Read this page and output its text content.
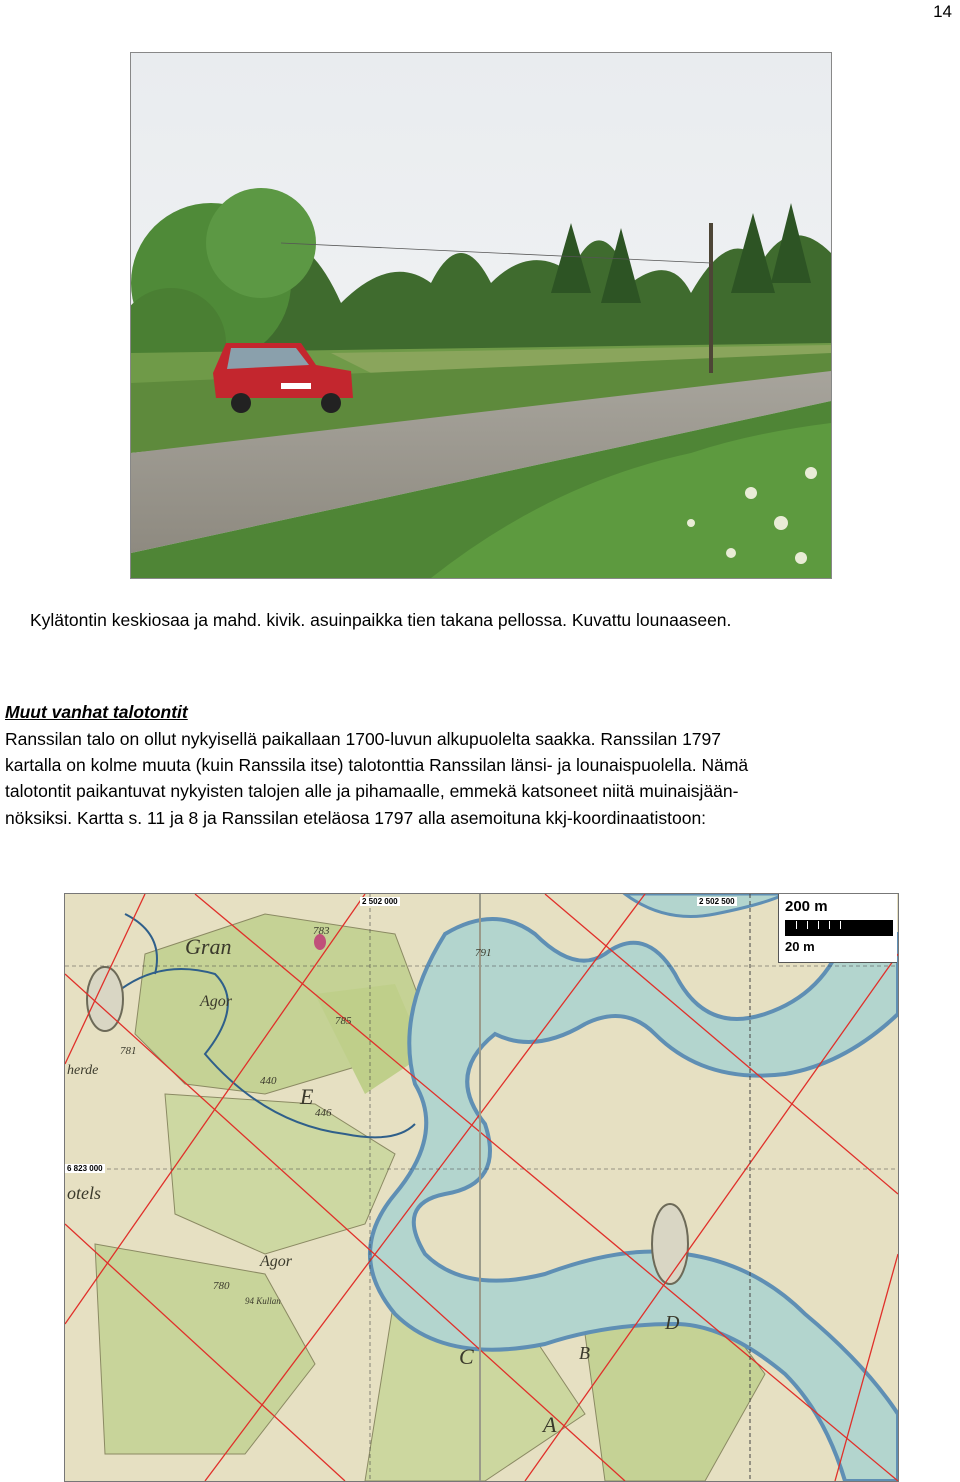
14
Kylätontin keskiosaa ja mahd. kivik. asuinpaikka tien takana pellossa. Kuvattu lounaaseen.
Muut vanhat talotontit

Ranssilan talo on ollut nykyisellä paikallaan 1700-luvun alkupuolelta saakka. Ranssilan 1797

kartalla on kolme muuta (kuin Ranssila itse) talotonttia Ranssilan länsi- ja lounaispuolella. Nämä

talotontit paikantuvat nykyisten talojen alle ja pihamaalle, emmekä katsoneet niitä muinaisjään-

nöksiksi. Kartta s. 11 ja 8 ja Ranssilan eteläosa 1797 alla asemoituna kkj-koordinaatistoon:

E
C	B
D
A
781
780
791
783
785
440
446
Agor
Agor
Gran
herde
otels
94 Kullan
2 502 000	2 502 500
6 823 000
200 m
20 m
